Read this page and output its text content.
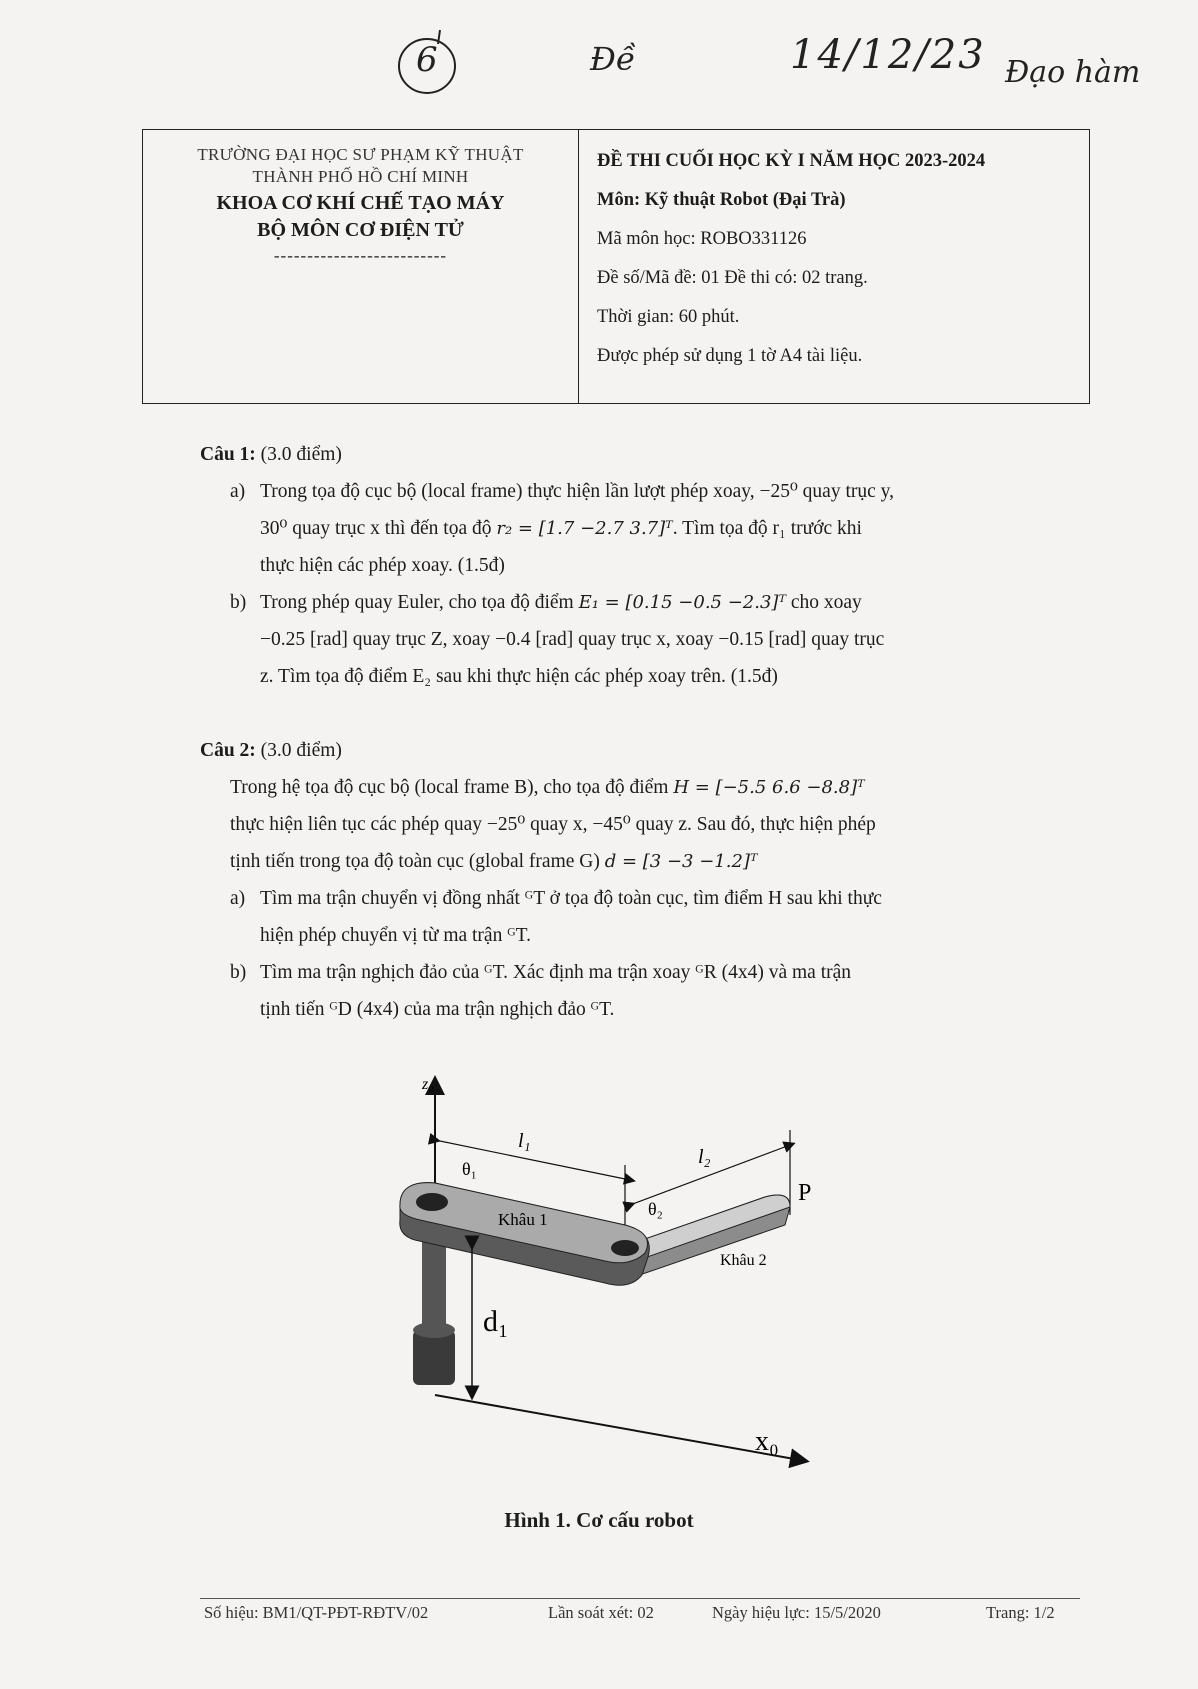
6	Đề	14/12/23 Đạo hàm
TRƯỜNG ĐẠI HỌC SƯ PHẠM KỸ THUẬT
THÀNH PHỐ HỒ CHÍ MINH
KHOA CƠ KHÍ CHẾ TẠO MÁY
BỘ MÔN CƠ ĐIỆN TỬ
--------------------------
ĐỀ THI CUỐI HỌC KỲ I NĂM HỌC 2023-2024
Môn: Kỹ thuật Robot (Đại Trà)
Mã môn học: ROBO331126
Đề số/Mã đề: 01 Đề thi có: 02 trang.
Thời gian: 60 phút.
Được phép sử dụng 1 tờ A4 tài liệu.
Câu 1: (3.0 điểm)
a) Trong tọa độ cục bộ (local frame) thực hiện lần lượt phép xoay, −25⁰ quay trục y,
30⁰ quay trục x thì đến tọa độ r₂ = [1.7 −2.7 3.7]ᵀ. Tìm tọa độ r₁ trước khi
thực hiện các phép xoay. (1.5đ)
b) Trong phép quay Euler, cho tọa độ điểm E₁ = [0.15 −0.5 −2.3]ᵀ cho xoay
−0.25 [rad] quay trục Z, xoay −0.4 [rad] quay trục x, xoay −0.15 [rad] quay trục
z. Tìm tọa độ điểm E₂ sau khi thực hiện các phép xoay trên. (1.5đ)
Câu 2: (3.0 điểm)
Trong hệ tọa độ cục bộ (local frame B), cho tọa độ điểm H = [−5.5 6.6 −8.8]ᵀ
thực hiện liên tục các phép quay −25⁰ quay x, −45⁰ quay z. Sau đó, thực hiện phép
tịnh tiến trong tọa độ toàn cục (global frame G) d = [3 −3 −1.2]ᵀ
a) Tìm ma trận chuyển vị đồng nhất ᴳT ở tọa độ toàn cục, tìm điểm H sau khi thực
hiện phép chuyển vị từ ma trận ᴳT.
b) Tìm ma trận nghịch đảo của ᴳT. Xác định ma trận xoay ᴳR (4x4) và ma trận
tịnh tiến ᴳD (4x4) của ma trận nghịch đảo ᴳT.
z₀
x₀
l₁
l₂
θ₁
θ₂
P
Khâu 1
Khâu 2
d₁
Hình 1. Cơ cấu robot
Số hiệu: BM1/QT-PĐT-RĐTV/02	Lần soát xét: 02	Ngày hiệu lực: 15/5/2020	Trang: 1/2
